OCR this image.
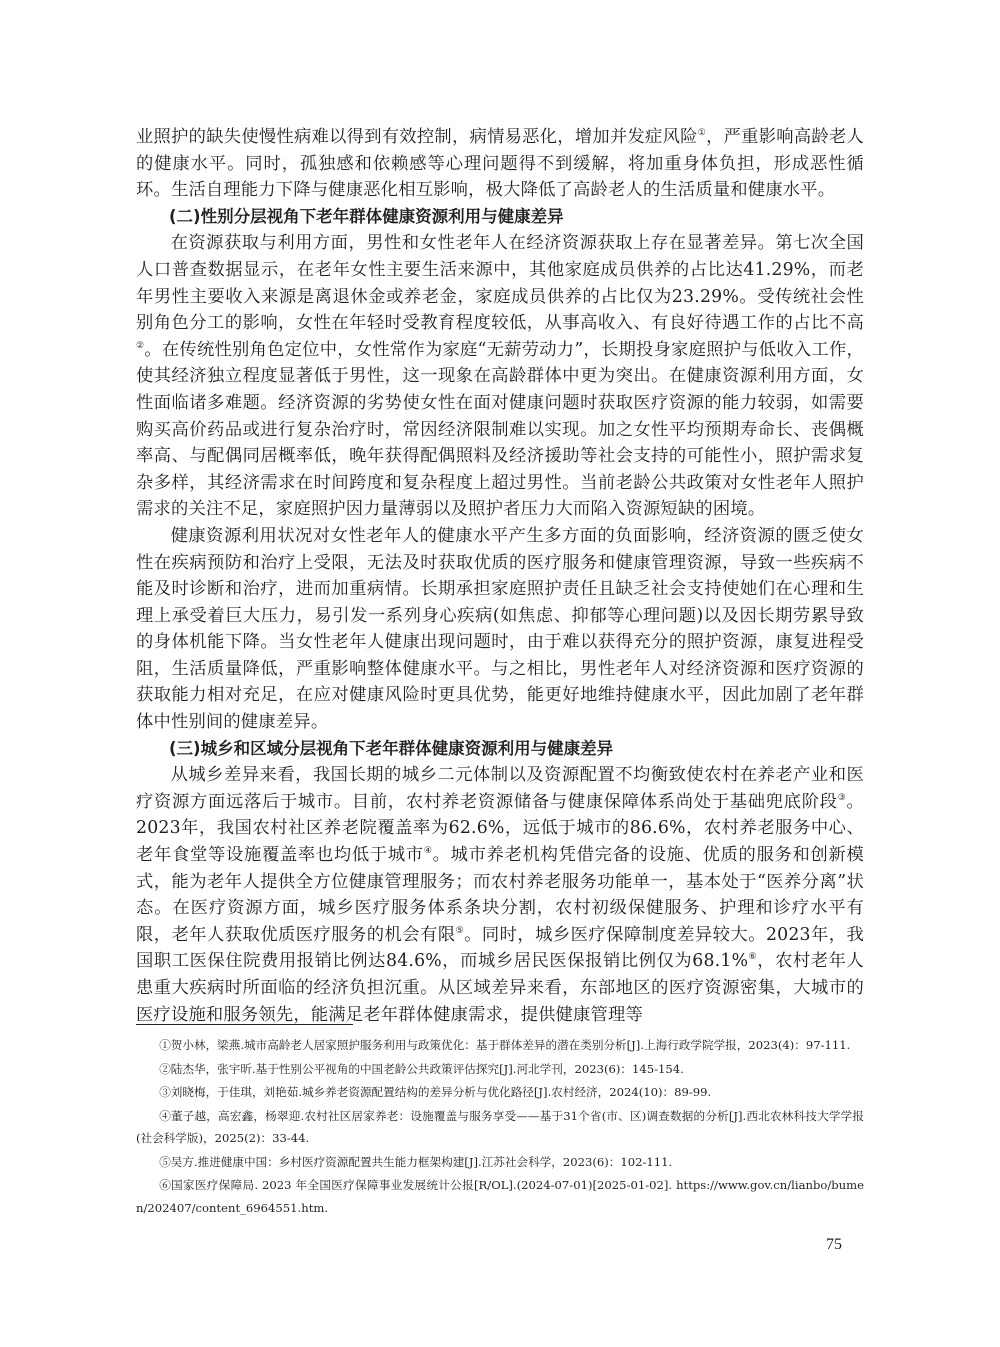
业照护的缺失使慢性病难以得到有效控制，病情易恶化，增加并发症风险①，严重影响高龄老人的健康水平。同时，孤独感和依赖感等心理问题得不到缓解，将加重身体负担，形成恶性循环。生活自理能力下降与健康恶化相互影响，极大降低了高龄老人的生活质量和健康水平。

(二)性别分层视角下老年群体健康资源利用与健康差异

在资源获取与利用方面，男性和女性老年人在经济资源获取上存在显著差异。第七次全国人口普查数据显示，在老年女性主要生活来源中，其他家庭成员供养的占比达41.29%，而老年男性主要收入来源是离退休金或养老金，家庭成员供养的占比仅为23.29%。受传统社会性别角色分工的影响，女性在年轻时受教育程度较低，从事高收入、有良好待遇工作的占比不高②。在传统性别角色定位中，女性常作为家庭“无薪劳动力”，长期投身家庭照护与低收入工作，使其经济独立程度显著低于男性，这一现象在高龄群体中更为突出。在健康资源利用方面，女性面临诸多难题。经济资源的劣势使女性在面对健康问题时获取医疗资源的能力较弱，如需要购买高价药品或进行复杂治疗时，常因经济限制难以实现。加之女性平均预期寿命长、丧偶概率高、与配偶同居概率低，晚年获得配偶照料及经济援助等社会支持的可能性小，照护需求复杂多样，其经济需求在时间跨度和复杂程度上超过男性。当前老龄公共政策对女性老年人照护需求的关注不足，家庭照护因力量薄弱以及照护者压力大而陷入资源短缺的困境。

健康资源利用状况对女性老年人的健康水平产生多方面的负面影响，经济资源的匮乏使女性在疾病预防和治疗上受限，无法及时获取优质的医疗服务和健康管理资源，导致一些疾病不能及时诊断和治疗，进而加重病情。长期承担家庭照护责任且缺乏社会支持使她们在心理和生理上承受着巨大压力，易引发一系列身心疾病(如焦虑、抑郁等心理问题)以及因长期劳累导致的身体机能下降。当女性老年人健康出现问题时，由于难以获得充分的照护资源，康复进程受阻，生活质量降低，严重影响整体健康水平。与之相比，男性老年人对经济资源和医疗资源的获取能力相对充足，在应对健康风险时更具优势，能更好地维持健康水平，因此加剧了老年群体中性别间的健康差异。

(三)城乡和区域分层视角下老年群体健康资源利用与健康差异

从城乡差异来看，我国长期的城乡二元体制以及资源配置不均衡致使农村在养老产业和医疗资源方面远落后于城市。目前，农村养老资源储备与健康保障体系尚处于基础兜底阶段③。2023年，我国农村社区养老院覆盖率为62.6%，远低于城市的86.6%，农村养老服务中心、老年食堂等设施覆盖率也均低于城市④。城市养老机构凭借完备的设施、优质的服务和创新模式，能为老年人提供全方位健康管理服务；而农村养老服务功能单一，基本处于“医养分离”状态。在医疗资源方面，城乡医疗服务体系条块分割，农村初级保健服务、护理和诊疗水平有限，老年人获取优质医疗服务的机会有限⑤。同时，城乡医疗保障制度差异较大。2023年，我国职工医保住院费用报销比例达84.6%，而城乡居民医保报销比例仅为68.1%⑥，农村老年人患重大疾病时所面临的经济负担沉重。从区域差异来看，东部地区的医疗资源密集，大城市的医疗设施和服务领先，能满足老年群体健康需求，提供健康管理等

①贺小林，梁燕.城市高龄老人居家照护服务利用与政策优化：基于群体差异的潜在类别分析[J].上海行政学院学报，2023(4)：97-111.

②陆杰华，张宇昕.基于性别公平视角的中国老龄公共政策评估探究[J].河北学刊，2023(6)：145-154.

③刘晓梅，于佳琪，刘艳茹.城乡养老资源配置结构的差异分析与优化路径[J].农村经济，2024(10)：89-99.

④董子越，高宏鑫，杨翠迎.农村社区居家养老：设施覆盖与服务享受——基于31个省(市、区)调查数据的分析[J].西北农林科技大学学报(社会科学版)，2025(2)：33-44.

⑤吴方.推进健康中国：乡村医疗资源配置共生能力框架构建[J].江苏社会科学，2023(6)：102-111.

⑥国家医疗保障局. 2023 年全国医疗保障事业发展统计公报[R/OL].(2024-07-01)[2025-01-02]. https://www.gov.cn/lianbo/bumen/202407/content_6964551.htm.

75
